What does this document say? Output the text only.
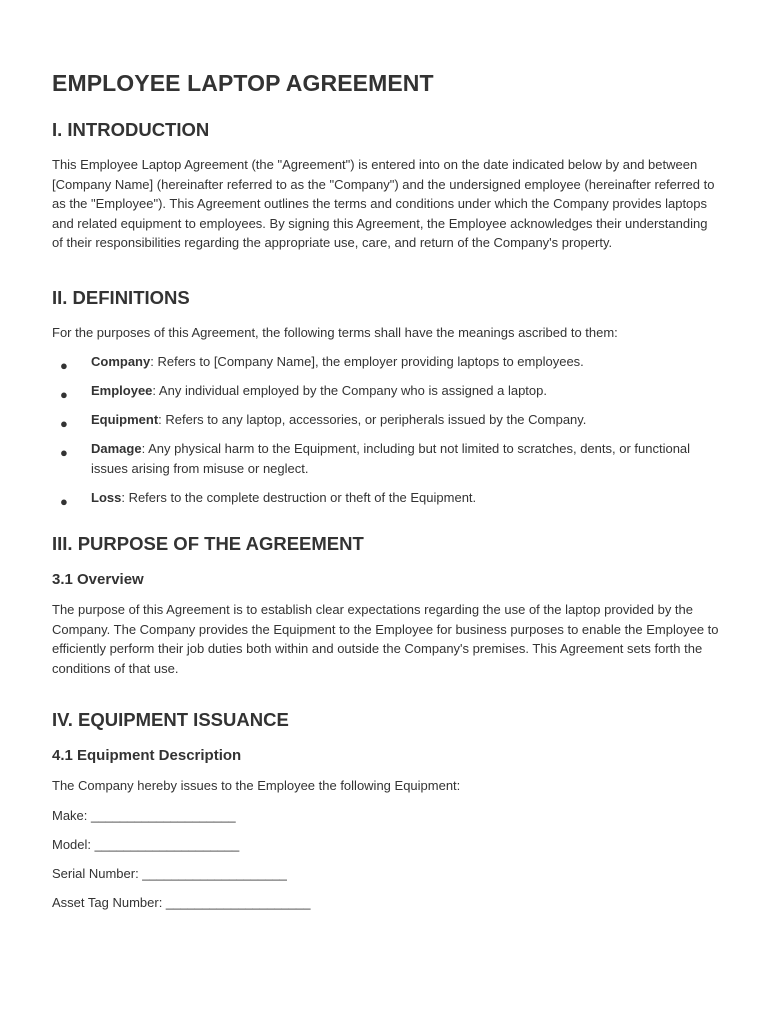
EMPLOYEE LAPTOP AGREEMENT
I. INTRODUCTION

This Employee Laptop Agreement (the "Agreement") is entered into on the date indicated below by and between [Company Name] (hereinafter referred to as the "Company") and the undersigned employee (hereinafter referred to as the "Employee"). This Agreement outlines the terms and conditions under which the Company provides laptops and related equipment to employees. By signing this Agreement, the Employee acknowledges their understanding of their responsibilities regarding the appropriate use, care, and return of the Company's property.

II. DEFINITIONS

For the purposes of this Agreement, the following terms shall have the meanings ascribed to them:

● Company: Refers to [Company Name], the employer providing laptops to employees.
● Employee: Any individual employed by the Company who is assigned a laptop.
● Equipment: Refers to any laptop, accessories, or peripherals issued by the Company.
● Damage: Any physical harm to the Equipment, including but not limited to scratches, dents, or functional issues arising from misuse or neglect.
● Loss: Refers to the complete destruction or theft of the Equipment.
III. PURPOSE OF THE AGREEMENT
3.1 Overview

The purpose of this Agreement is to establish clear expectations regarding the use of the laptop provided by the Company. The Company provides the Equipment to the Employee for business purposes to enable the Employee to efficiently perform their job duties both within and outside the Company's premises. This Agreement sets forth the conditions of that use.

IV. EQUIPMENT ISSUANCE
4.1 Equipment Description

The Company hereby issues to the Employee the following Equipment:

Make: ____________________
Model: ____________________
Serial Number: ____________________
Asset Tag Number: ____________________
